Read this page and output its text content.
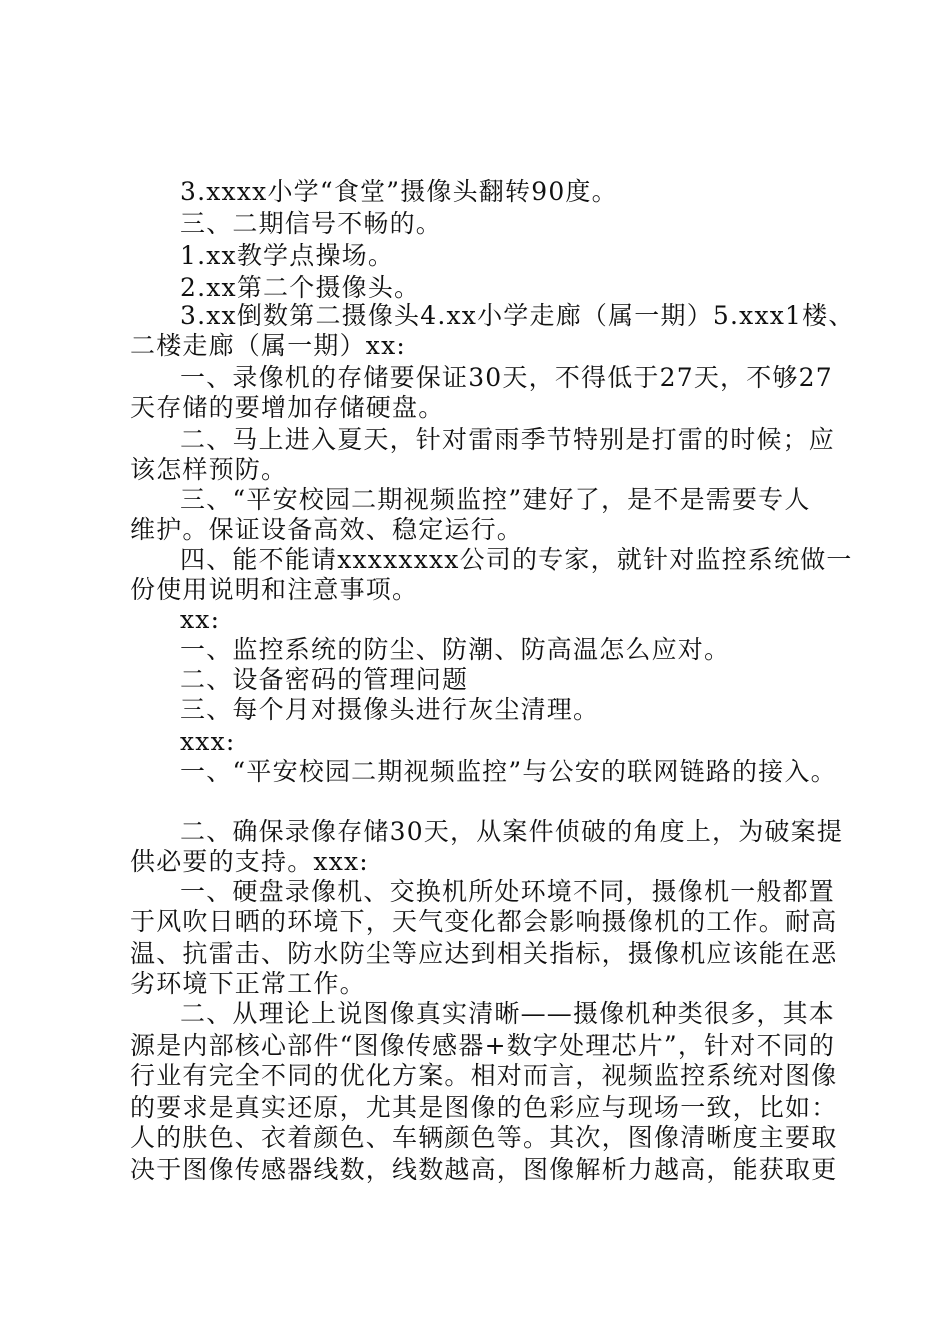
3.xxxx小学“食堂”摄像头翻转90度。

三、二期信号不畅的。

1.xx教学点操场。

2.xx第二个摄像头。

3.xx倒数第二摄像头4.xx小学走廊（属一期）5.xxx1楼、

二楼走廊（属一期）xx:

一、录像机的存储要保证30天，不得低于27天，不够27

天存储的要增加存储硬盘。

二、马上进入夏天，针对雷雨季节特别是打雷的时候；应

该怎样预防。

三、“平安校园二期视频监控”建好了，是不是需要专人

维护。保证设备高效、稳定运行。

四、能不能请xxxxxxxx公司的专家，就针对监控系统做一

份使用说明和注意事项。

xx:

一、监控系统的防尘、防潮、防高温怎么应对。

二、设备密码的管理问题

三、每个月对摄像头进行灰尘清理。

xxx:

一、“平安校园二期视频监控”与公安的联网链路的接入。

二、确保录像存储30天，从案件侦破的角度上，为破案提

供必要的支持。xxx:

一、硬盘录像机、交换机所处环境不同，摄像机一般都置

于风吹日晒的环境下，天气变化都会影响摄像机的工作。耐高

温、抗雷击、防水防尘等应达到相关指标，摄像机应该能在恶

劣环境下正常工作。

二、从理论上说图像真实清晰——摄像机种类很多，其本

源是内部核心部件“图像传感器+数字处理芯片”，针对不同的

行业有完全不同的优化方案。相对而言，视频监控系统对图像

的要求是真实还原，尤其是图像的色彩应与现场一致，比如：

人的肤色、衣着颜色、车辆颜色等。其次，图像清晰度主要取

决于图像传感器线数，线数越高，图像解析力越高，能获取更
